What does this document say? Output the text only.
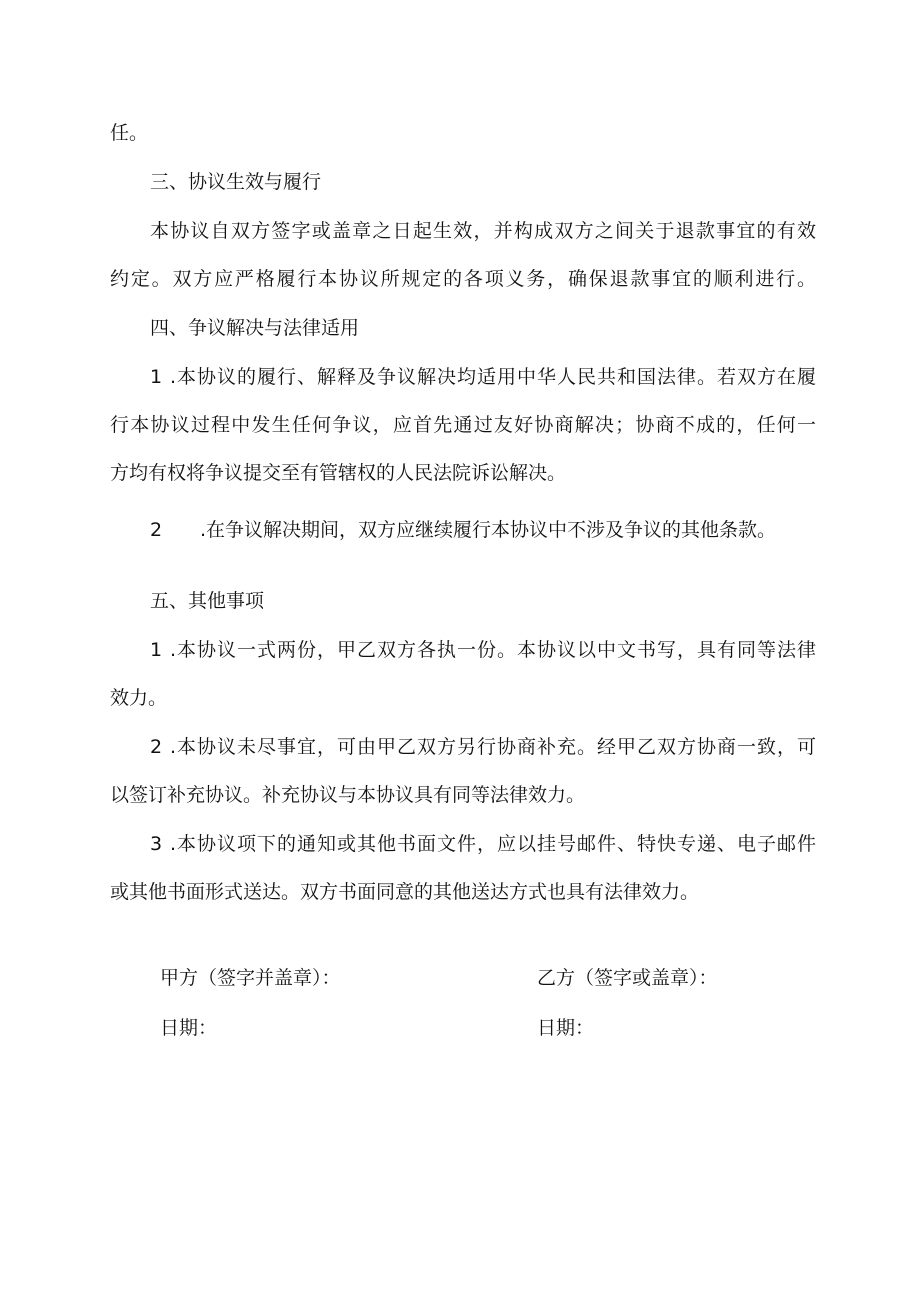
任。

三、协议生效与履行

本协议自双方签字或盖章之日起生效，并构成双方之间关于退款事宜的有效

约定。双方应严格履行本协议所规定的各项义务，确保退款事宜的顺利进行。

四、争议解决与法律适用

1 .本协议的履行、解释及争议解决均适用中华人民共和国法律。若双方在履

行本协议过程中发生任何争议，应首先通过友好协商解决；协商不成的，任何一

方均有权将争议提交至有管辖权的人民法院诉讼解决。

2 .在争议解决期间，双方应继续履行本协议中不涉及争议的其他条款。

五、其他事项

1 .本协议一式两份，甲乙双方各执一份。本协议以中文书写，具有同等法律

效力。

2 .本协议未尽事宜，可由甲乙双方另行协商补充。经甲乙双方协商一致，可

以签订补充协议。补充协议与本协议具有同等法律效力。

3 .本协议项下的通知或其他书面文件，应以挂号邮件、特快专递、电子邮件

或其他书面形式送达。双方书面同意的其他送达方式也具有法律效力。

甲方（签字并盖章）：	乙方（签字或盖章）：
日期：	日期：
